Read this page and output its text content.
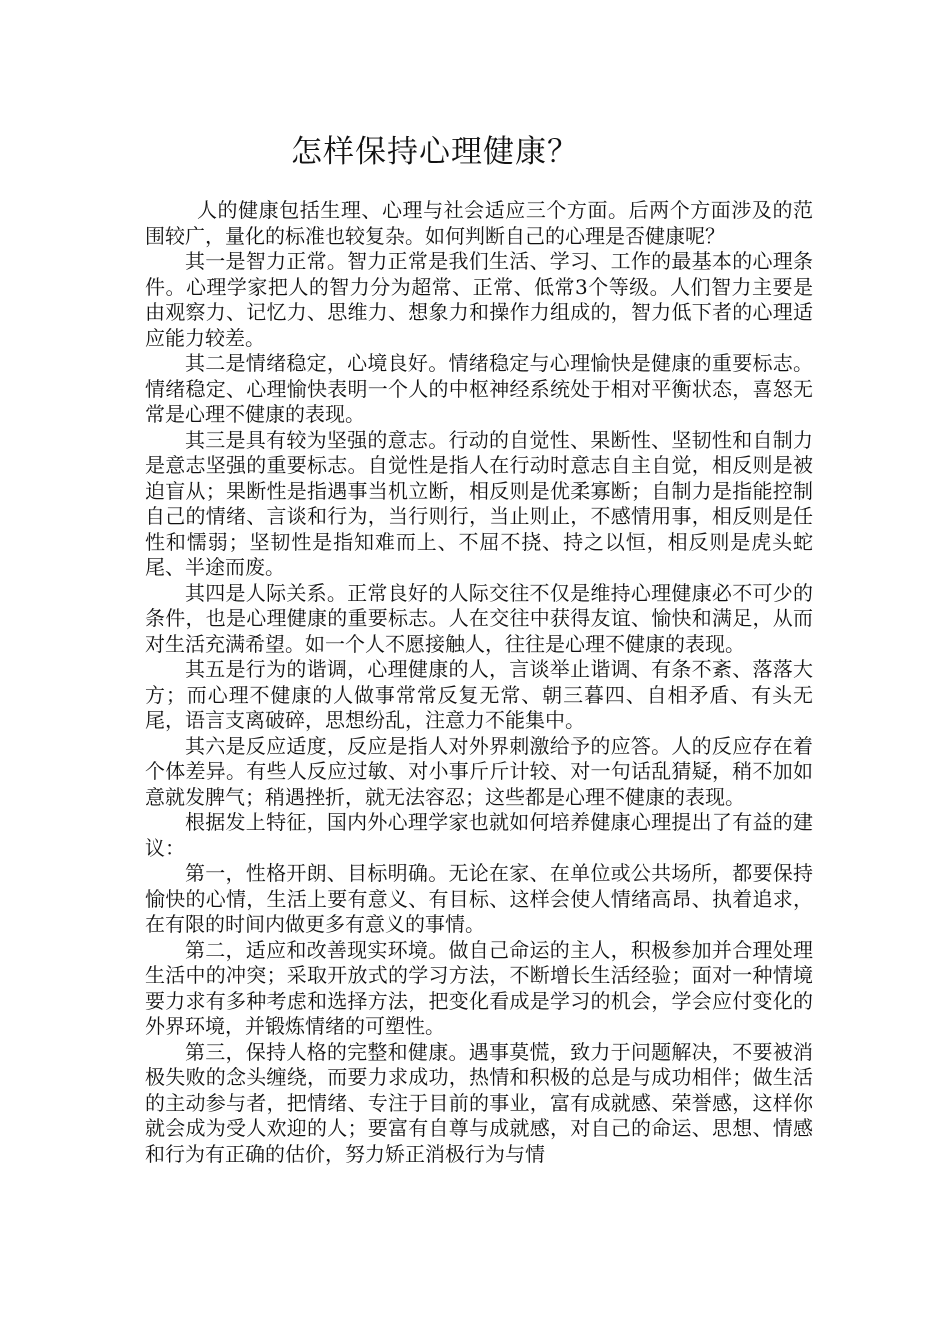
怎样保持心理健康？

人的健康包括生理、心理与社会适应三个方面。后两个方面涉及的范围较广，量化的标准也较复杂。如何判断自己的心理是否健康呢？

其一是智力正常。智力正常是我们生活、学习、工作的最基本的心理条件。心理学家把人的智力分为超常、正常、低常3个等级。人们智力主要是由观察力、记忆力、思维力、想象力和操作力组成的，智力低下者的心理适应能力较差。

其二是情绪稳定，心境良好。情绪稳定与心理愉快是健康的重要标志。情绪稳定、心理愉快表明一个人的中枢神经系统处于相对平衡状态，喜怒无常是心理不健康的表现。

其三是具有较为坚强的意志。行动的自觉性、果断性、坚韧性和自制力是意志坚强的重要标志。自觉性是指人在行动时意志自主自觉，相反则是被迫盲从；果断性是指遇事当机立断，相反则是优柔寡断；自制力是指能控制自己的情绪、言谈和行为，当行则行，当止则止，不感情用事，相反则是任性和懦弱；坚韧性是指知难而上、不屈不挠、持之以恒，相反则是虎头蛇尾、半途而废。

其四是人际关系。正常良好的人际交往不仅是维持心理健康必不可少的条件，也是心理健康的重要标志。人在交往中获得友谊、愉快和满足，从而对生活充满希望。如一个人不愿接触人，往往是心理不健康的表现。

其五是行为的谐调，心理健康的人，言谈举止谐调、有条不紊、落落大方；而心理不健康的人做事常常反复无常、朝三暮四、自相矛盾、有头无尾，语言支离破碎，思想纷乱，注意力不能集中。

其六是反应适度，反应是指人对外界刺激给予的应答。人的反应存在着个体差异。有些人反应过敏、对小事斤斤计较、对一句话乱猜疑，稍不加如意就发脾气；稍遇挫折，就无法容忍；这些都是心理不健康的表现。

根据发上特征，国内外心理学家也就如何培养健康心理提出了有益的建议：

第一，性格开朗、目标明确。无论在家、在单位或公共场所，都要保持愉快的心情，生活上要有意义、有目标、这样会使人情绪高昂、执着追求，在有限的时间内做更多有意义的事情。

第二，适应和改善现实环境。做自己命运的主人，积极参加并合理处理生活中的冲突；采取开放式的学习方法，不断增长生活经验；面对一种情境要力求有多种考虑和选择方法，把变化看成是学习的机会，学会应付变化的外界环境，并锻炼情绪的可塑性。

第三，保持人格的完整和健康。遇事莫慌，致力于问题解决，不要被消极失败的念头缠绕，而要力求成功，热情和积极的总是与成功相伴；做生活的主动参与者，把情绪、专注于目前的事业，富有成就感、荣誉感，这样你就会成为受人欢迎的人；要富有自尊与成就感，对自己的命运、思想、情感和行为有正确的估价，努力矫正消极行为与情
